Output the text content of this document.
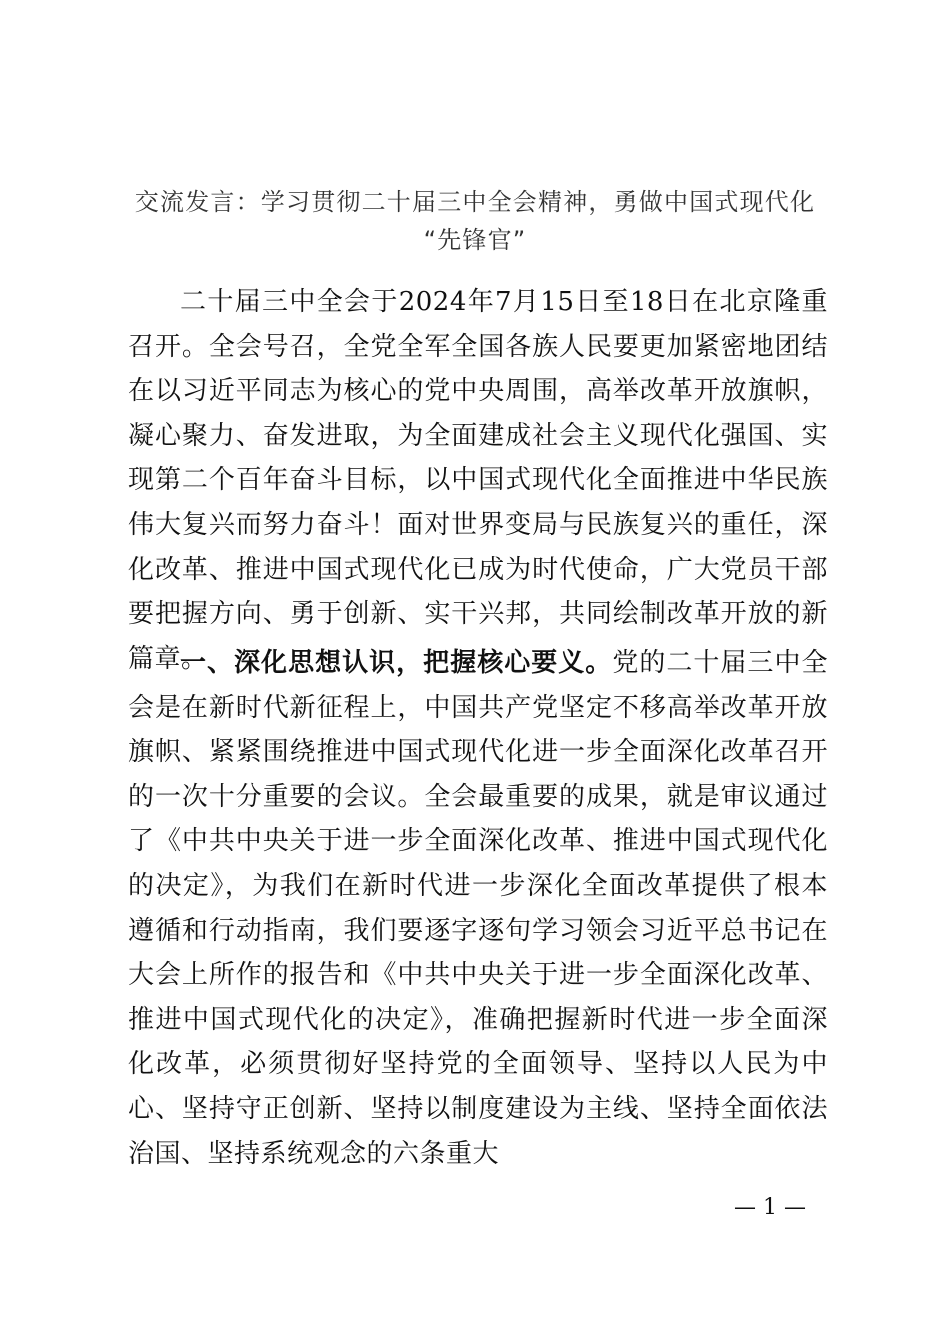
交流发言：学习贯彻二十届三中全会精神，勇做中国式现代化
“先锋官”
二十届三中全会于2024年7月15日至18日在北京隆重召开。全会号召，全党全军全国各族人民要更加紧密地团结在以习近平同志为核心的党中央周围，高举改革开放旗帜，凝心聚力、奋发进取，为全面建成社会主义现代化强国、实现第二个百年奋斗目标，以中国式现代化全面推进中华民族伟大复兴而努力奋斗！面对世界变局与民族复兴的重任，深化改革、推进中国式现代化已成为时代使命，广大党员干部要把握方向、勇于创新、实干兴邦，共同绘制改革开放的新篇章。
一、深化思想认识，把握核心要义。党的二十届三中全会是在新时代新征程上，中国共产党坚定不移高举改革开放旗帜、紧紧围绕推进中国式现代化进一步全面深化改革召开的一次十分重要的会议。全会最重要的成果，就是审议通过了《中共中央关于进一步全面深化改革、推进中国式现代化的决定》，为我们在新时代进一步深化全面改革提供了根本遵循和行动指南，我们要逐字逐句学习领会习近平总书记在大会上所作的报告和《中共中央关于进一步全面深化改革、推进中国式现代化的决定》，准确把握新时代进一步全面深化改革，必须贯彻好坚持党的全面领导、坚持以人民为中心、坚持守正创新、坚持以制度建设为主线、坚持全面依法治国、坚持系统观念的六条重大
— 1 —
